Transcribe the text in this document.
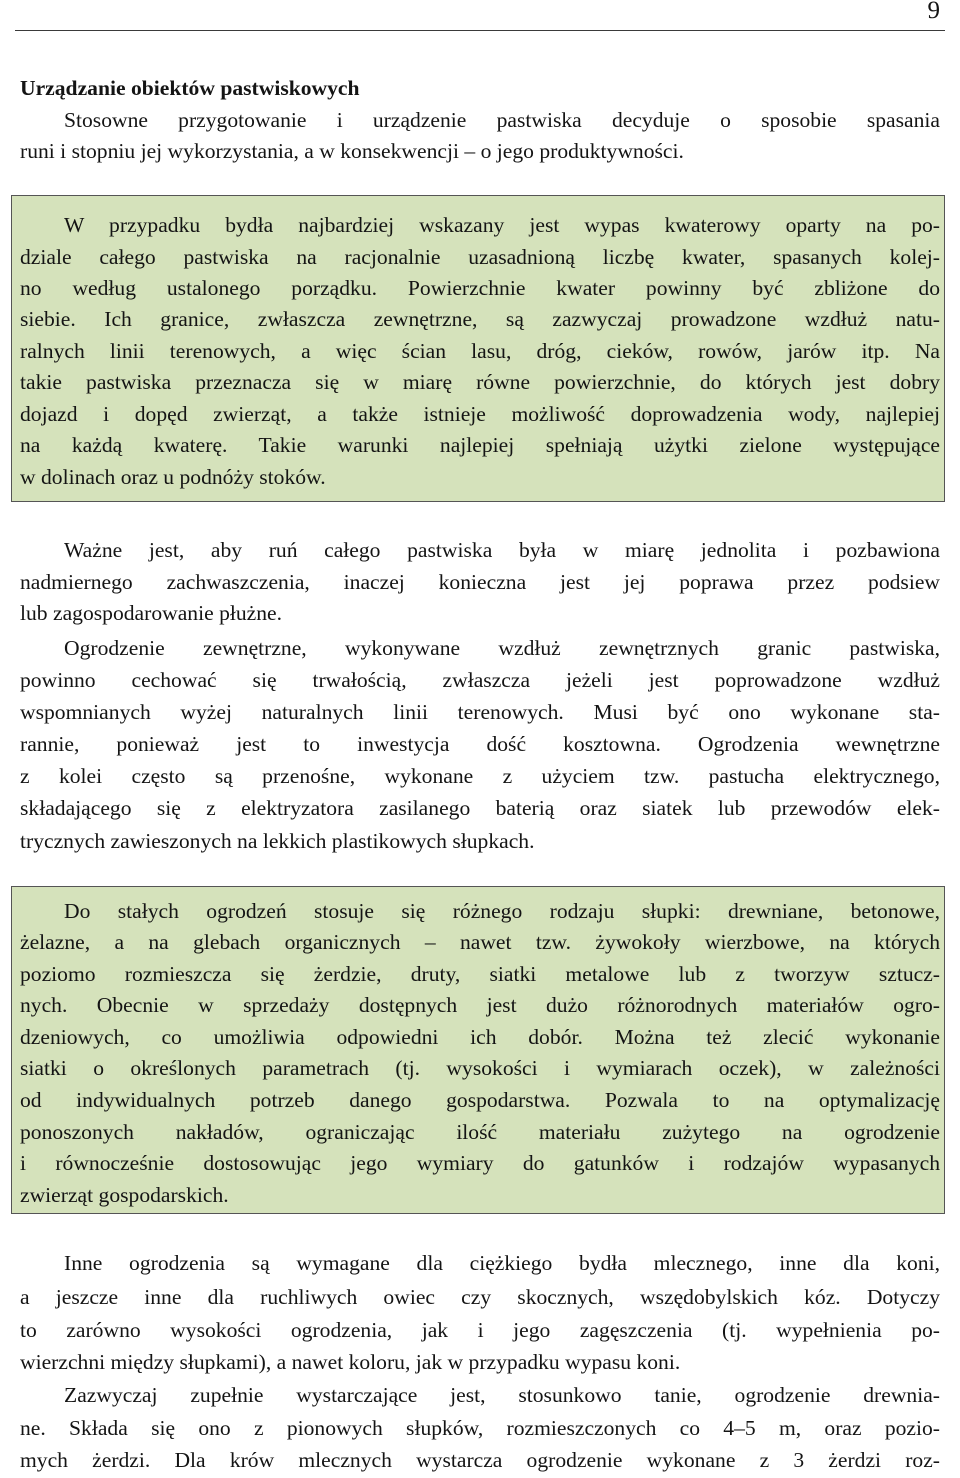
9
Urządzanie obiektów pastwiskowych
Stosowne przygotowanie i urządzenie pastwiska decyduje o sposobie spasania
runi i stopniu jej wykorzystania, a w konsekwencji – o jego produktywności.
W przypadku bydła najbardziej wskazany jest wypas kwaterowy oparty na po-
dziale całego pastwiska na racjonalnie uzasadnioną liczbę kwater, spasanych kolej-
no według ustalonego porządku. Powierzchnie kwater powinny być zbliżone do
siebie. Ich granice, zwłaszcza zewnętrzne, są zazwyczaj prowadzone wzdłuż natu-
ralnych linii terenowych, a więc ścian lasu, dróg, cieków, rowów, jarów itp. Na
takie pastwiska przeznacza się w miarę równe powierzchnie, do których jest dobry
dojazd i dopęd zwierząt, a także istnieje możliwość doprowadzenia wody, najlepiej
na każdą kwaterę. Takie warunki najlepiej spełniają użytki zielone występujące
w dolinach oraz u podnóży stoków.
Ważne jest, aby ruń całego pastwiska była w miarę jednolita i pozbawiona
nadmiernego zachwaszczenia, inaczej konieczna jest jej poprawa przez podsiew
lub zagospodarowanie płużne.
Ogrodzenie zewnętrzne, wykonywane wzdłuż zewnętrznych granic pastwiska,
powinno cechować się trwałością, zwłaszcza jeżeli jest poprowadzone wzdłuż
wspomnianych wyżej naturalnych linii terenowych. Musi być ono wykonane sta-
rannie, ponieważ jest to inwestycja dość kosztowna. Ogrodzenia wewnętrzne
z kolei często są przenośne, wykonane z użyciem tzw. pastucha elektrycznego,
składającego się z elektryzatora zasilanego baterią oraz siatek lub przewodów elek-
trycznych zawieszonych na lekkich plastikowych słupkach.
Do stałych ogrodzeń stosuje się różnego rodzaju słupki: drewniane, betonowe,
żelazne, a na glebach organicznych – nawet tzw. żywokoły wierzbowe, na których
poziomo rozmieszcza się żerdzie, druty, siatki metalowe lub z tworzyw sztucz-
nych. Obecnie w sprzedaży dostępnych jest dużo różnorodnych materiałów ogro-
dzeniowych, co umożliwia odpowiedni ich dobór. Można też zlecić wykonanie
siatki o określonych parametrach (tj. wysokości i wymiarach oczek), w zależności
od indywidualnych potrzeb danego gospodarstwa. Pozwala to na optymalizację
ponoszonych nakładów, ograniczając ilość materiału zużytego na ogrodzenie
i równocześnie dostosowując jego wymiary do gatunków i rodzajów wypasanych
zwierząt gospodarskich.
Inne ogrodzenia są wymagane dla ciężkiego bydła mlecznego, inne dla koni,
a jeszcze inne dla ruchliwych owiec czy skocznych, wszędobylskich kóz. Dotyczy
to zarówno wysokości ogrodzenia, jak i jego zagęszczenia (tj. wypełnienia po-
wierzchni między słupkami), a nawet koloru, jak w przypadku wypasu koni.
Zazwyczaj zupełnie wystarczające jest, stosunkowo tanie, ogrodzenie drewnia-
ne. Składa się ono z pionowych słupków, rozmieszczonych co 4–5 m, oraz pozio-
mych żerdzi. Dla krów mlecznych wystarcza ogrodzenie wykonane z 3 żerdzi roz-
